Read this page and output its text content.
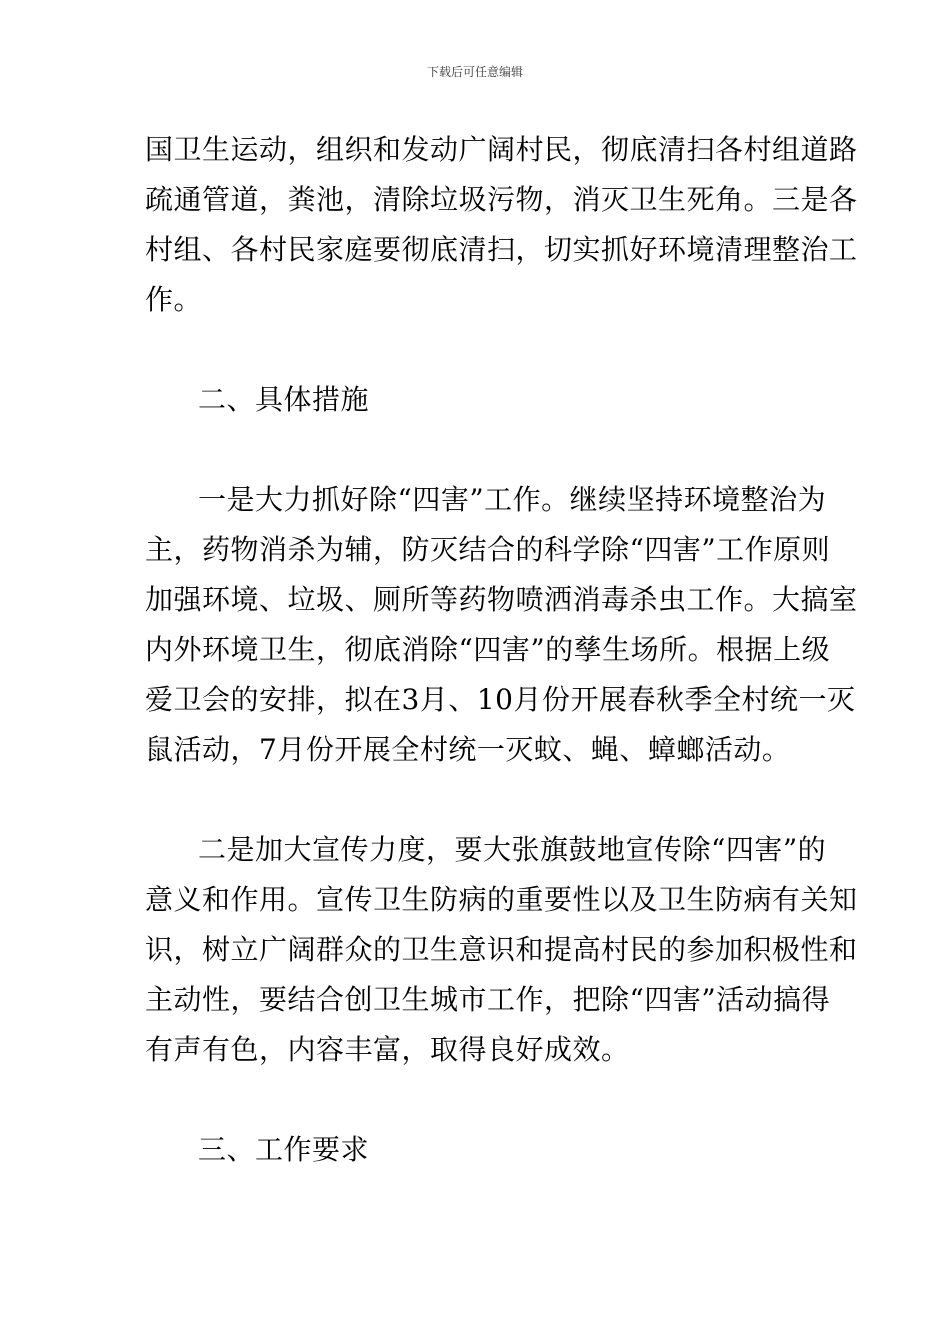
下载后可任意编辑
国卫生运动，组织和发动广阔村民，彻底清扫各村组道路
疏通管道，粪池，清除垃圾污物，消灭卫生死角。三是各
村组、各村民家庭要彻底清扫，切实抓好环境清理整治工
作。
二、具体措施
一是大力抓好除“四害”工作。继续坚持环境整治为
主，药物消杀为辅，防灭结合的科学除“四害”工作原则
加强环境、垃圾、厕所等药物喷洒消毒杀虫工作。大搞室
内外环境卫生，彻底消除“四害”的孳生场所。根据上级
爱卫会的安排，拟在3月、10月份开展春秋季全村统一灭
鼠活动，7月份开展全村统一灭蚊、蝇、蟑螂活动。
二是加大宣传力度，要大张旗鼓地宣传除“四害”的
意义和作用。宣传卫生防病的重要性以及卫生防病有关知
识，树立广阔群众的卫生意识和提高村民的参加积极性和
主动性，要结合创卫生城市工作，把除“四害”活动搞得
有声有色，内容丰富，取得良好成效。
三、工作要求
